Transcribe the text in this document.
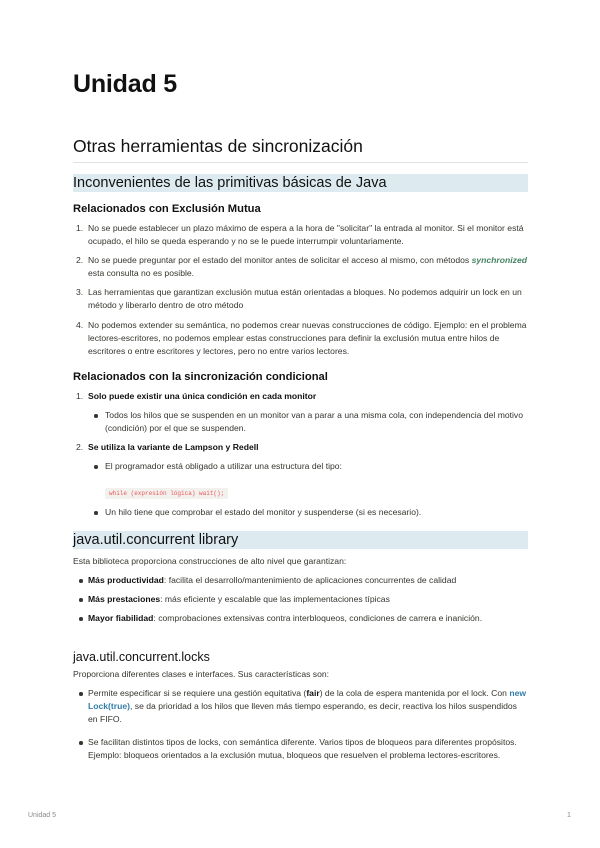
Unidad 5
Otras herramientas de sincronización
Inconvenientes de las primitivas básicas de Java
Relacionados con Exclusión Mutua
1. No se puede establecer un plazo máximo de espera a la hora de "solicitar" la entrada al monitor. Si el monitor está ocupado, el hilo se queda esperando y no se le puede interrumpir voluntariamente.
2. No se puede preguntar por el estado del monitor antes de solicitar el acceso al mismo, con métodos synchronized esta consulta no es posible.
3. Las herramientas que garantizan exclusión mutua están orientadas a bloques. No podemos adquirir un lock en un método y liberarlo dentro de otro método
4. No podemos extender su semántica, no podemos crear nuevas construcciones de código. Ejemplo: en el problema lectores-escritores, no podemos emplear estas construcciones para definir la exclusión mutua entre hilos de escritores o entre escritores y lectores, pero no entre varios lectores.
Relacionados con la sincronización condicional
1. Solo puede existir una única condición en cada monitor
Todos los hilos que se suspenden en un monitor van a parar a una misma cola, con independencia del motivo (condición) por el que se suspenden.
2. Se utiliza la variante de Lampson y Redell
El programador está obligado a utilizar una estructura del tipo:
while (expresión lógica) wait();
Un hilo tiene que comprobar el estado del monitor y suspenderse (si es necesario).
java.util.concurrent library
Esta biblioteca proporciona construcciones de alto nivel que garantizan:
Más productividad: facilita el desarrollo/mantenimiento de aplicaciones concurrentes de calidad
Más prestaciones: más eficiente y escalable que las implementaciones típicas
Mayor fiabilidad: comprobaciones extensivas contra interbloqueos, condiciones de carrera e inanición.
java.util.concurrent.locks
Proporciona diferentes clases e interfaces. Sus características son:
Permite especificar si se requiere una gestión equitativa (fair) de la cola de espera mantenida por el lock. Con new Lock(true), se da prioridad a los hilos que lleven más tiempo esperando, es decir, reactiva los hilos suspendidos en FIFO.
Se facilitan distintos tipos de locks, con semántica diferente. Varios tipos de bloqueos para diferentes propósitos. Ejemplo: bloqueos orientados a la exclusión mutua, bloqueos que resuelven el problema lectores-escritores.
Unidad 5	1
